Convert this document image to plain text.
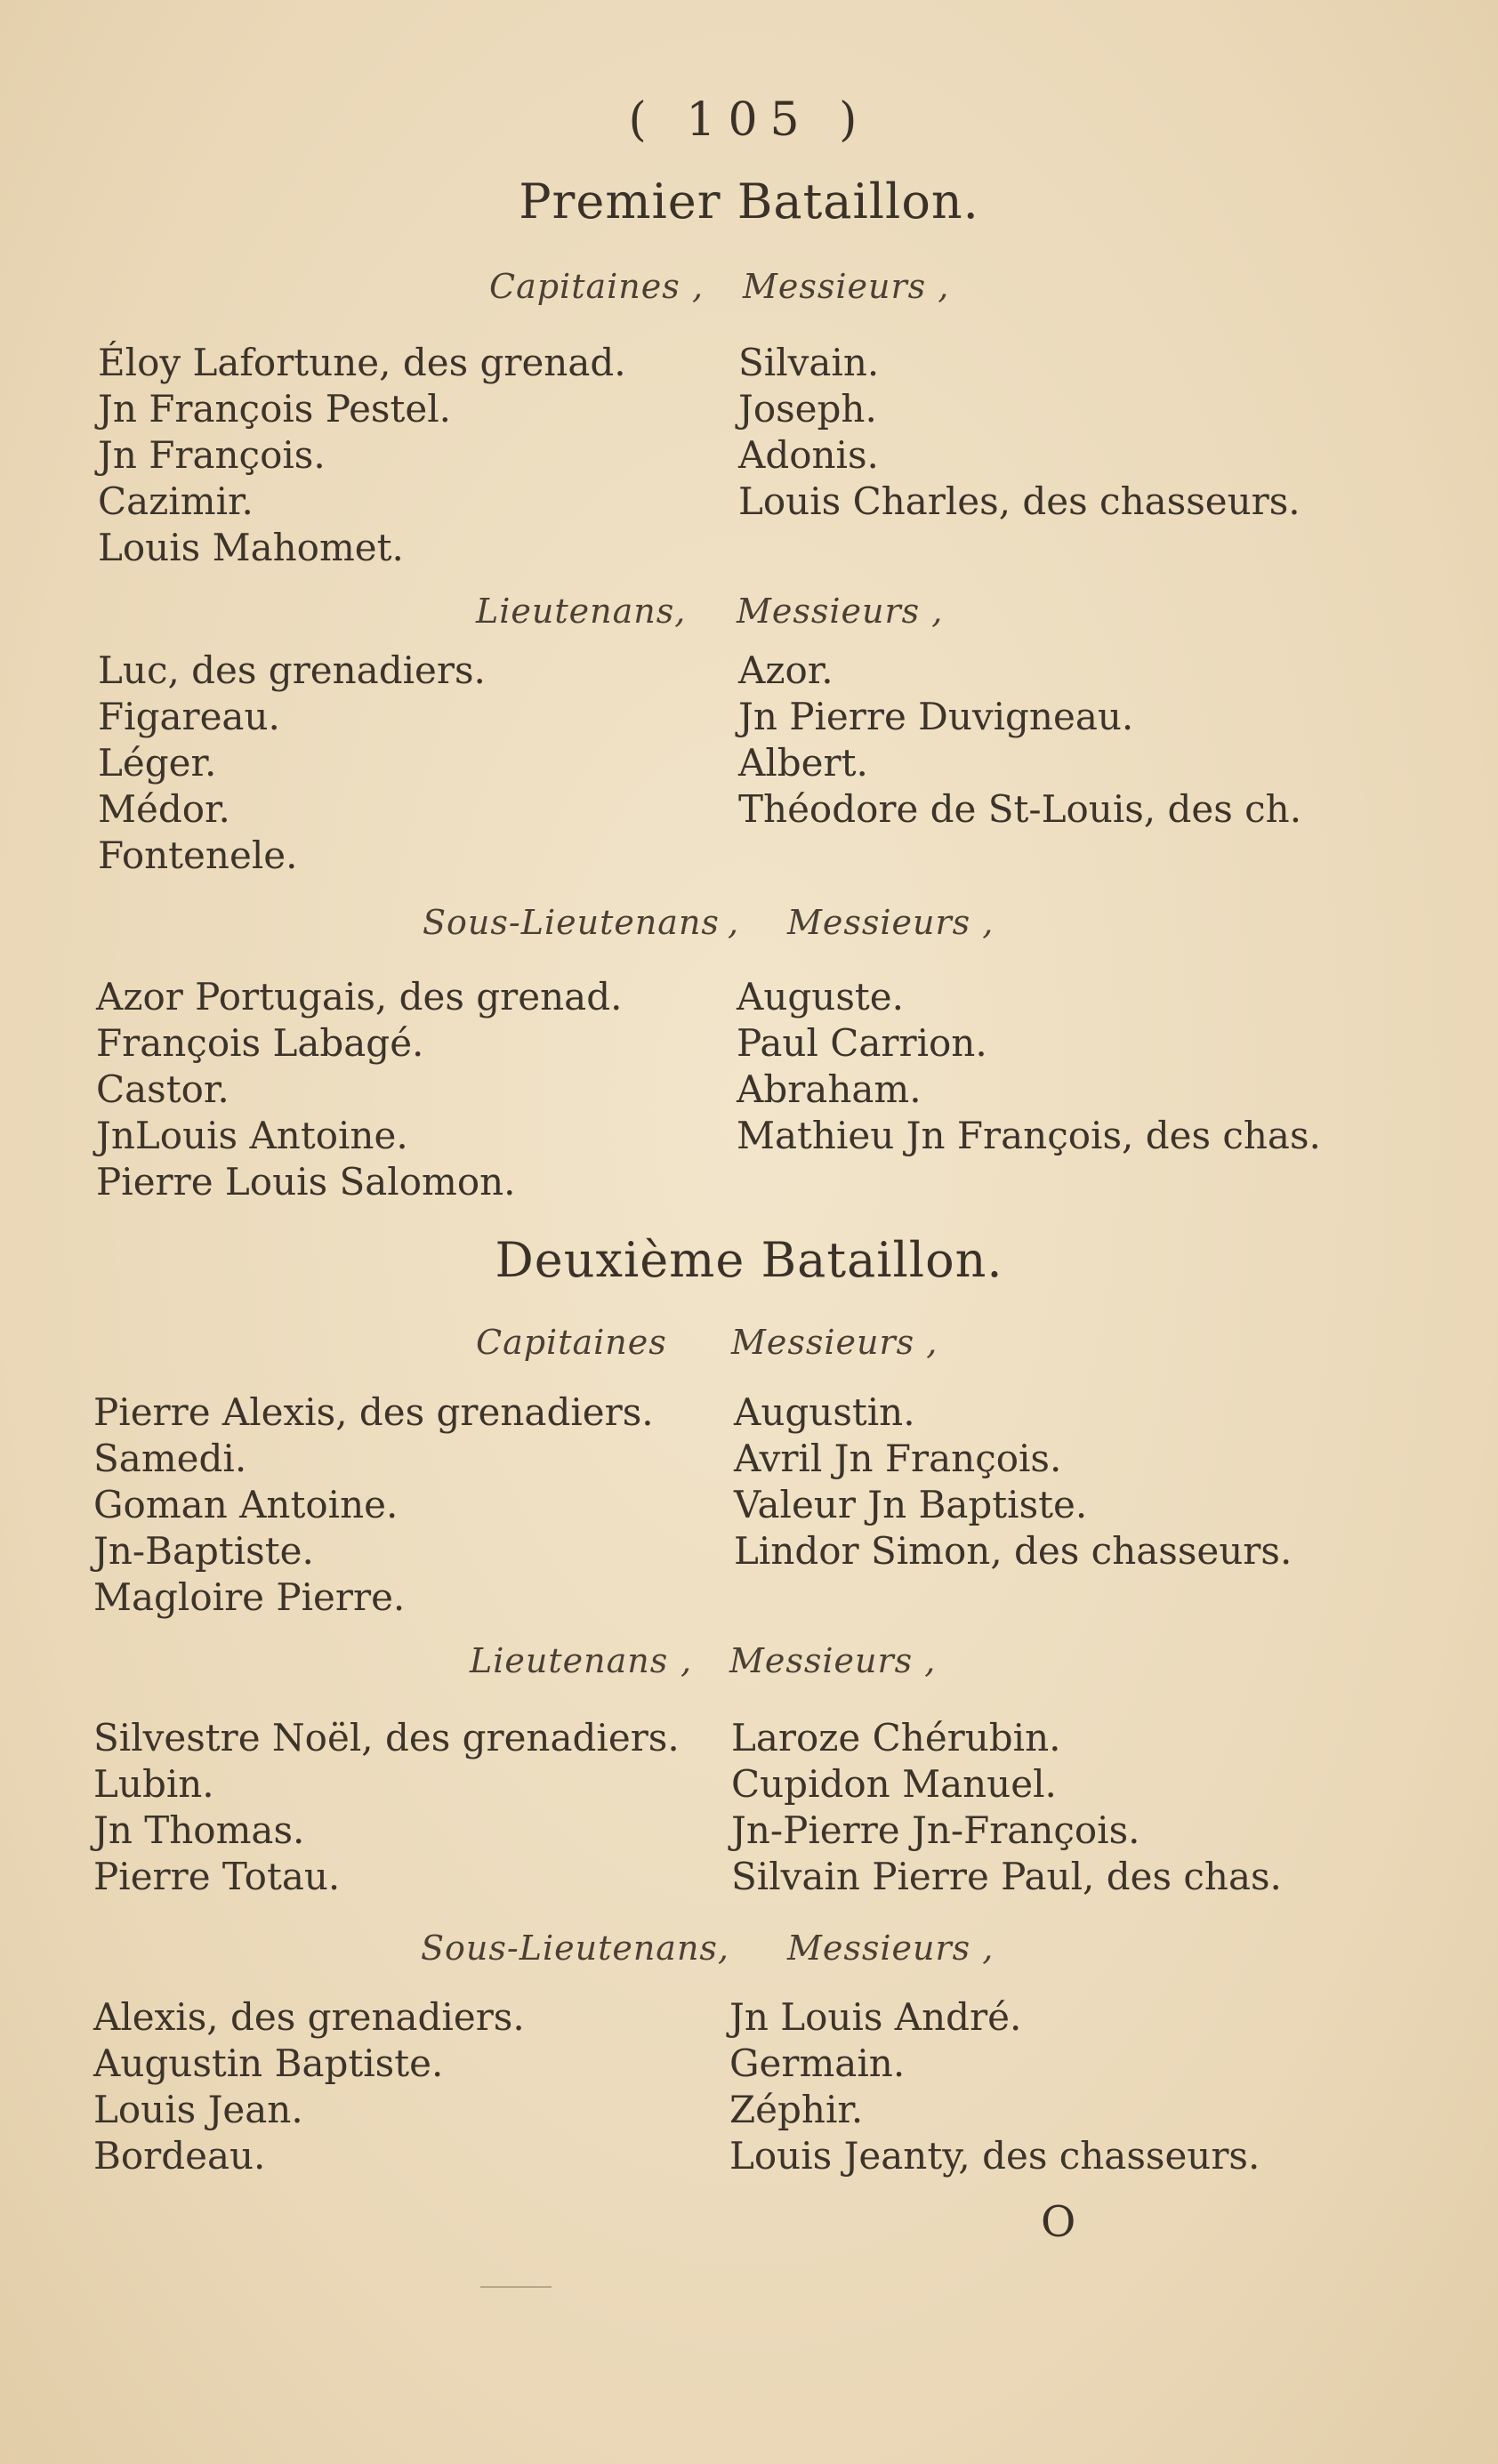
( 105 )
Premier Bataillon.
Capitaines , Messieurs ,
Éloy Lafortune, des grenad.
Jn François Pestel.
Jn François.
Cazimir.
Louis Mahomet.
Silvain.
Joseph.
Adonis.
Louis Charles, des chasseurs.
Lieutenans, Messieurs ,
Luc, des grenadiers.
Figareau.
Léger.
Médor.
Fontenele.
Azor.
Jn Pierre Duvigneau.
Albert.
Théodore de St-Louis, des ch.
Sous-Lieutenans , Messieurs ,
Azor Portugais, des grenad.
François Labagé.
Castor.
JnLouis Antoine.
Pierre Louis Salomon.
Auguste.
Paul Carrion.
Abraham.
Mathieu Jn François, des chas.
Deuxième Bataillon.
Capitaines Messieurs ,
Pierre Alexis, des grenadiers.
Samedi.
Goman Antoine.
Jn-Baptiste.
Magloire Pierre.
Augustin.
Avril Jn François.
Valeur Jn Baptiste.
Lindor Simon, des chasseurs.
Lieutenans , Messieurs ,
Silvestre Noël, des grenadiers.
Lubin.
Jn Thomas.
Pierre Totau.
Laroze Chérubin.
Cupidon Manuel.
Jn-Pierre Jn-François.
Silvain Pierre Paul, des chas.
Sous-Lieutenans, Messieurs ,
Alexis, des grenadiers.
Augustin Baptiste.
Louis Jean.
Bordeau.
Jn Louis André.
Germain.
Zéphir.
Louis Jeanty, des chasseurs.
O
